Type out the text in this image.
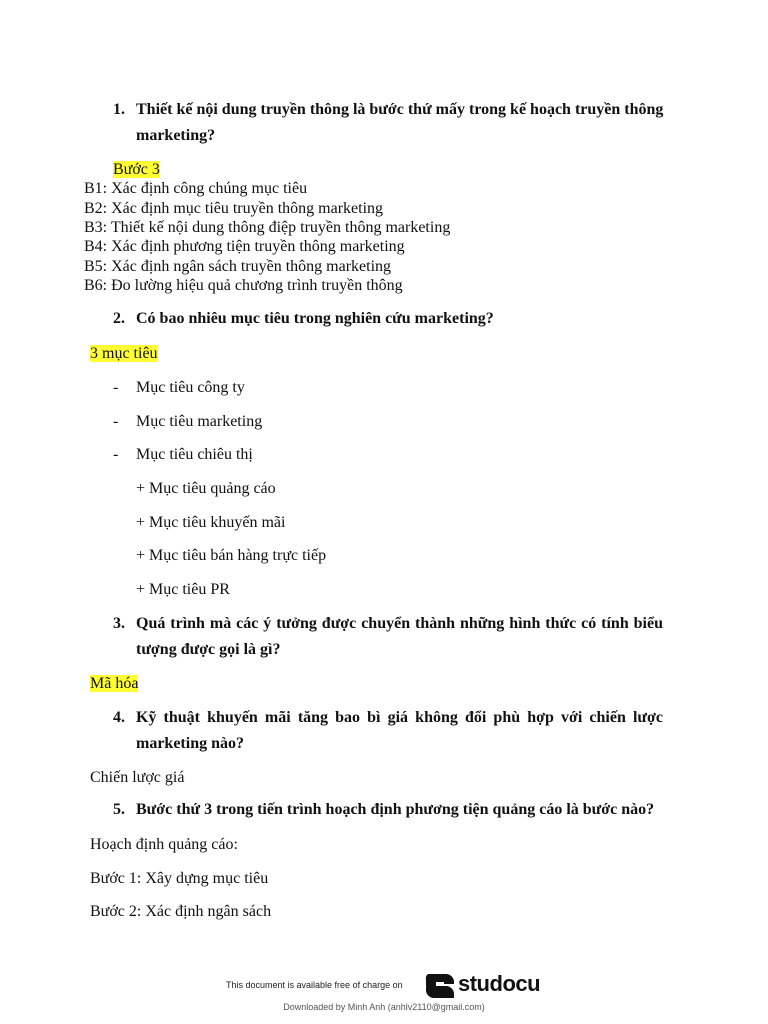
1. Thiết kế nội dung truyền thông là bước thứ mấy trong kế hoạch truyền thông marketing?
Bước 3
B1: Xác định công chúng mục tiêu
B2: Xác định mục tiêu truyền thông marketing
B3: Thiết kế nội dung thông điệp truyền thông marketing
B4: Xác định phương tiện truyền thông marketing
B5: Xác định ngân sách truyền thông marketing
B6: Đo lường hiệu quả chương trình truyền thông
2. Có bao nhiêu mục tiêu trong nghiên cứu marketing?
3 mục tiêu
- Mục tiêu công ty
- Mục tiêu marketing
- Mục tiêu chiêu thị
+ Mục tiêu quảng cáo
+ Mục tiêu khuyến mãi
+ Mục tiêu bán hàng trực tiếp
+ Mục tiêu PR
3. Quá trình mà các ý tưởng được chuyển thành những hình thức có tính biểu tượng được gọi là gì?
Mã hóa
4. Kỹ thuật khuyến mãi tăng bao bì giá không đổi phù hợp với chiến lược marketing nào?
Chiến lược giá
5. Bước thứ 3 trong tiến trình hoạch định phương tiện quảng cáo là bước nào?
Hoạch định quảng cáo:
Bước 1: Xây dựng mục tiêu
Bước 2: Xác định ngân sách
This document is available free of charge on	studocu
Downloaded by Minh Anh (anhlv2110@gmail.com)
